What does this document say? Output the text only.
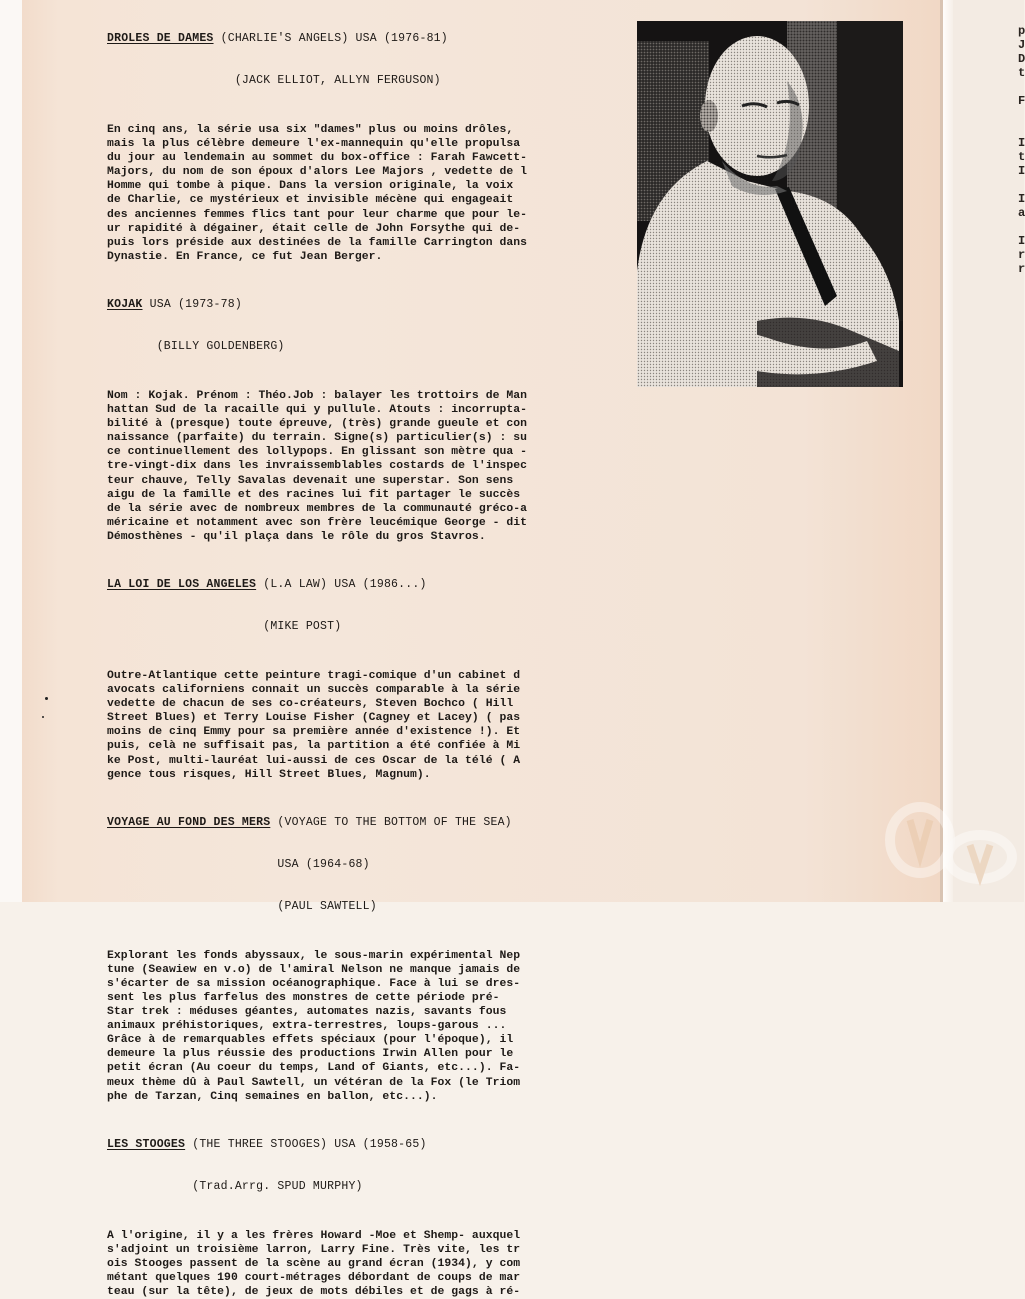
p
J
D
t
F
I
t
I
I
a
I
r
r

DROLES DE DAMES (CHARLIE'S ANGELS) USA (1976-81)

(JACK ELLIOT, ALLYN FERGUSON)

En cinq ans, la série usa six "dames" plus ou moins drôles,
mais la plus célèbre demeure l'ex-mannequin qu'elle propulsa
du jour au lendemain au sommet du box-office : Farah Fawcett-
Majors, du nom de son époux d'alors Lee Majors , vedette de l
Homme qui tombe à pique. Dans la version originale, la voix
de Charlie, ce mystérieux et invisible mécène qui engageait
des anciennes femmes flics tant pour leur charme que pour le-
ur rapidité à dégainer, était celle de John Forsythe qui de-
puis lors préside aux destinées de la famille Carrington dans
Dynastie. En France, ce fut Jean Berger.

KOJAK USA (1973-78)

(BILLY GOLDENBERG)

Nom : Kojak. Prénom : Théo.Job : balayer les trottoirs de Man
hattan Sud de la racaille qui y pullule. Atouts : incorrupta-
bilité à (presque) toute épreuve, (très) grande gueule et con
naissance (parfaite) du terrain. Signe(s) particulier(s) : su
ce continuellement des lollypops. En glissant son mètre qua -
tre-vingt-dix dans les invraissemblables costards de l'inspec
teur chauve, Telly Savalas devenait une superstar. Son sens
aigu de la famille et des racines lui fit partager le succès
de la série avec de nombreux membres de la communauté gréco-a
méricaine et notamment avec son frère leucémique George - dit
Démosthènes - qu'il plaça dans le rôle du gros Stavros.

LA LOI DE LOS ANGELES (L.A LAW) USA (1986...)

(MIKE POST)

Outre-Atlantique cette peinture tragi-comique d'un cabinet d
avocats californiens connait un succès comparable à la série
vedette de chacun de ses co-créateurs, Steven Bochco ( Hill
Street Blues) et Terry Louise Fisher (Cagney et Lacey) ( pas
moins de cinq Emmy pour sa première année d'existence !). Et
puis, celà ne suffisait pas, la partition a été confiée à Mi
ke Post, multi-lauréat lui-aussi de ces Oscar de la télé ( A
gence tous risques, Hill Street Blues, Magnum).

VOYAGE AU FOND DES MERS (VOYAGE TO THE BOTTOM OF THE SEA)

USA (1964-68)

(PAUL SAWTELL)

Explorant les fonds abyssaux, le sous-marin expérimental Nep
tune (Seawiew en v.o) de l'amiral Nelson ne manque jamais de
s'écarter de sa mission océanographique. Face à lui se dres-
sent les plus farfelus des monstres de cette période pré-
Star trek : méduses géantes, automates nazis, savants fous
animaux préhistoriques, extra-terrestres, loups-garous ...
Grâce à de remarquables effets spéciaux (pour l'époque), il
demeure la plus réussie des productions Irwin Allen pour le
petit écran (Au coeur du temps, Land of Giants, etc...). Fa-
meux thème dû à Paul Sawtell, un vétéran de la Fox (le Triom
phe de Tarzan, Cinq semaines en ballon, etc...).

LES STOOGES (THE THREE STOOGES) USA (1958-65)

(Trad.Arrg. SPUD MURPHY)

A l'origine, il y a les frères Howard -Moe et Shemp- auxquel
s'adjoint un troisième larron, Larry Fine. Très vite, les tr
ois Stooges passent de la scène au grand écran (1934), y com
métant quelques 190 court-métrages débordant de coups de mar
teau (sur la tête), de jeux de mots débiles et de gags à ré-
